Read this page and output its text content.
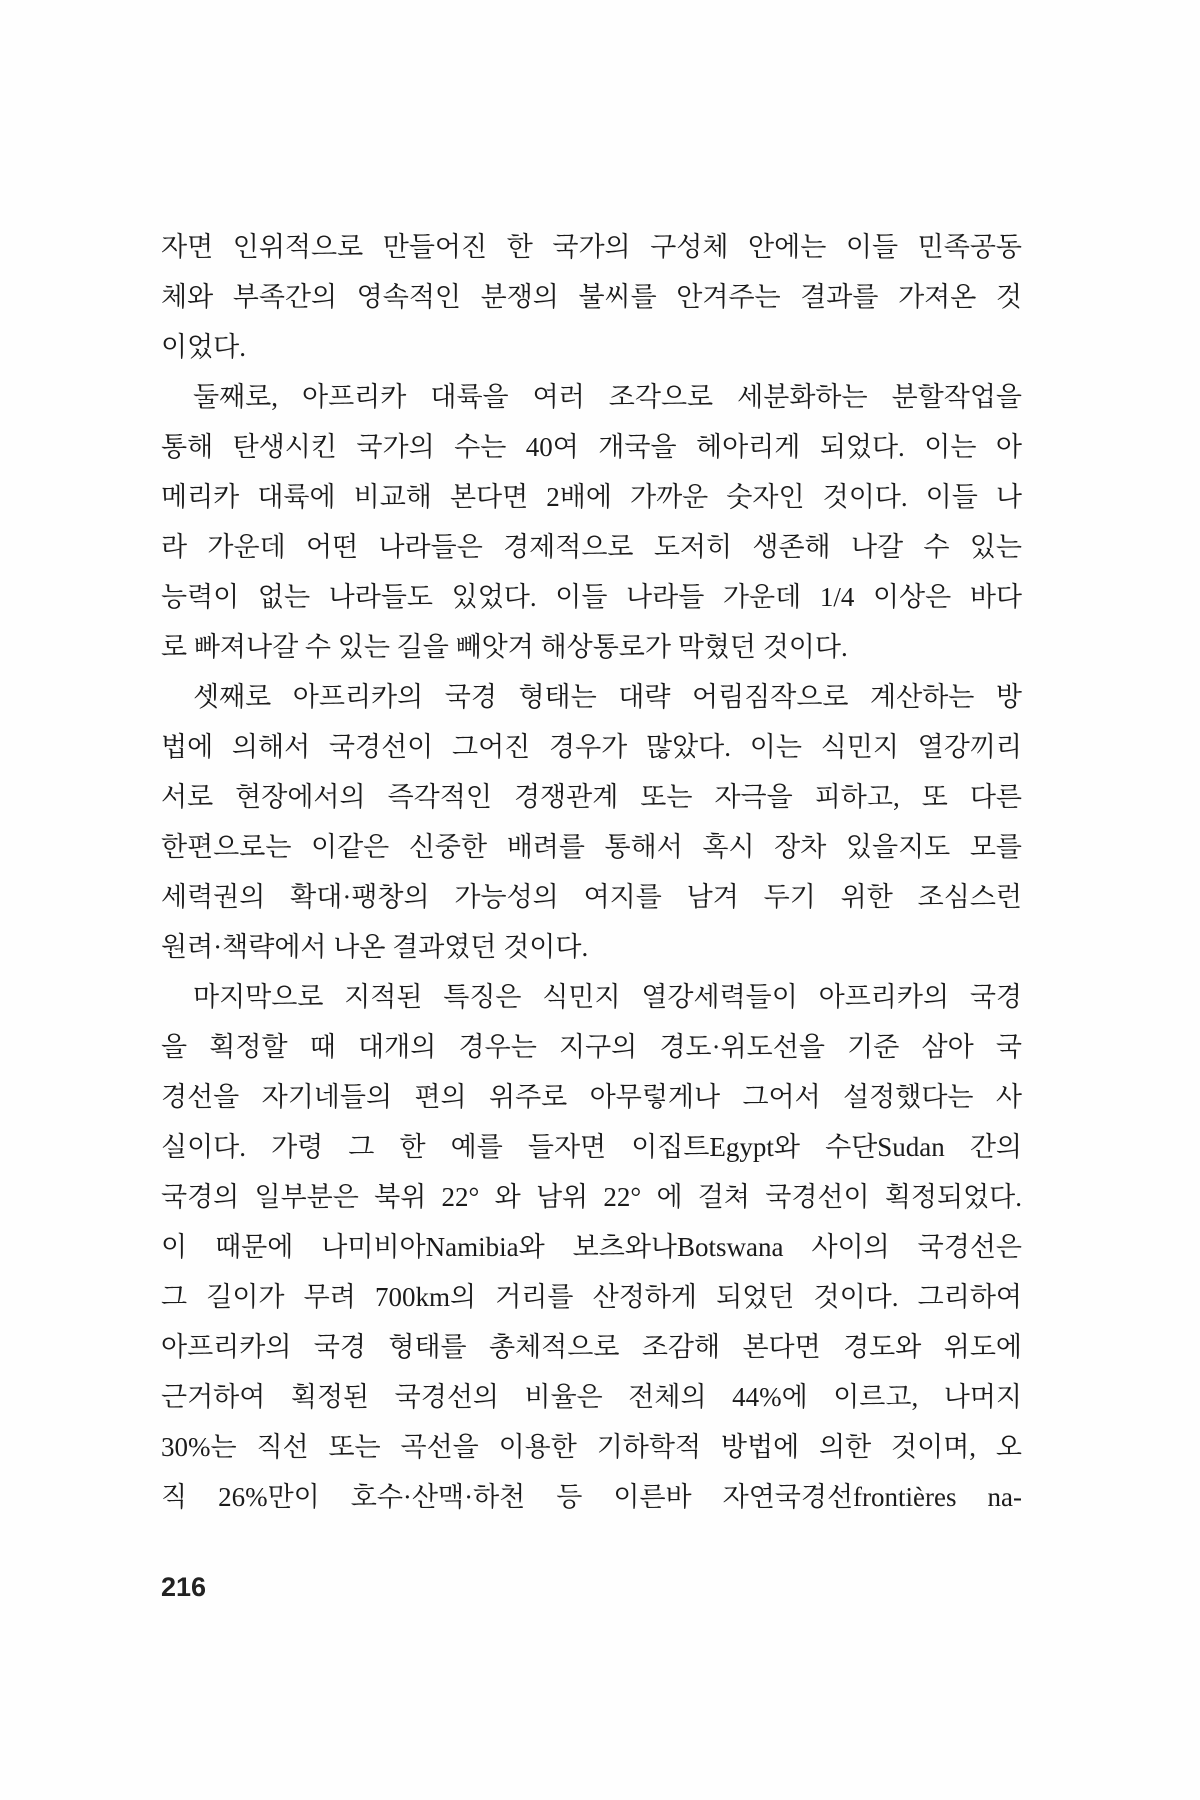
자면 인위적으로 만들어진 한 국가의 구성체 안에는 이들 민족공동
체와 부족간의 영속적인 분쟁의 불씨를 안겨주는 결과를 가져온 것
이었다.
둘째로, 아프리카 대륙을 여러 조각으로 세분화하는 분할작업을
통해 탄생시킨 국가의 수는 40여 개국을 헤아리게 되었다. 이는 아
메리카 대륙에 비교해 본다면 2배에 가까운 숫자인 것이다. 이들 나
라 가운데 어떤 나라들은 경제적으로 도저히 생존해 나갈 수 있는
능력이 없는 나라들도 있었다. 이들 나라들 가운데 1/4 이상은 바다
로 빠져나갈 수 있는 길을 빼앗겨 해상통로가 막혔던 것이다.
셋째로 아프리카의 국경 형태는 대략 어림짐작으로 계산하는 방
법에 의해서 국경선이 그어진 경우가 많았다. 이는 식민지 열강끼리
서로 현장에서의 즉각적인 경쟁관계 또는 자극을 피하고, 또 다른
한편으로는 이같은 신중한 배려를 통해서 혹시 장차 있을지도 모를
세력권의 확대·팽창의 가능성의 여지를 남겨 두기 위한 조심스런
원려·책략에서 나온 결과였던 것이다.
마지막으로 지적된 특징은 식민지 열강세력들이 아프리카의 국경
을 획정할 때 대개의 경우는 지구의 경도·위도선을 기준 삼아 국
경선을 자기네들의 편의 위주로 아무렇게나 그어서 설정했다는 사
실이다. 가령 그 한 예를 들자면 이집트Egypt와 수단Sudan 간의
국경의 일부분은 북위 22° 와 남위 22° 에 걸쳐 국경선이 획정되었다.
이 때문에 나미비아Namibia와 보츠와나Botswana 사이의 국경선은
그 길이가 무려 700km의 거리를 산정하게 되었던 것이다. 그리하여
아프리카의 국경 형태를 총체적으로 조감해 본다면 경도와 위도에
근거하여 획정된 국경선의 비율은 전체의 44%에 이르고, 나머지
30%는 직선 또는 곡선을 이용한 기하학적 방법에 의한 것이며, 오
직 26%만이 호수·산맥·하천 등 이른바 자연국경선frontières na-
216
